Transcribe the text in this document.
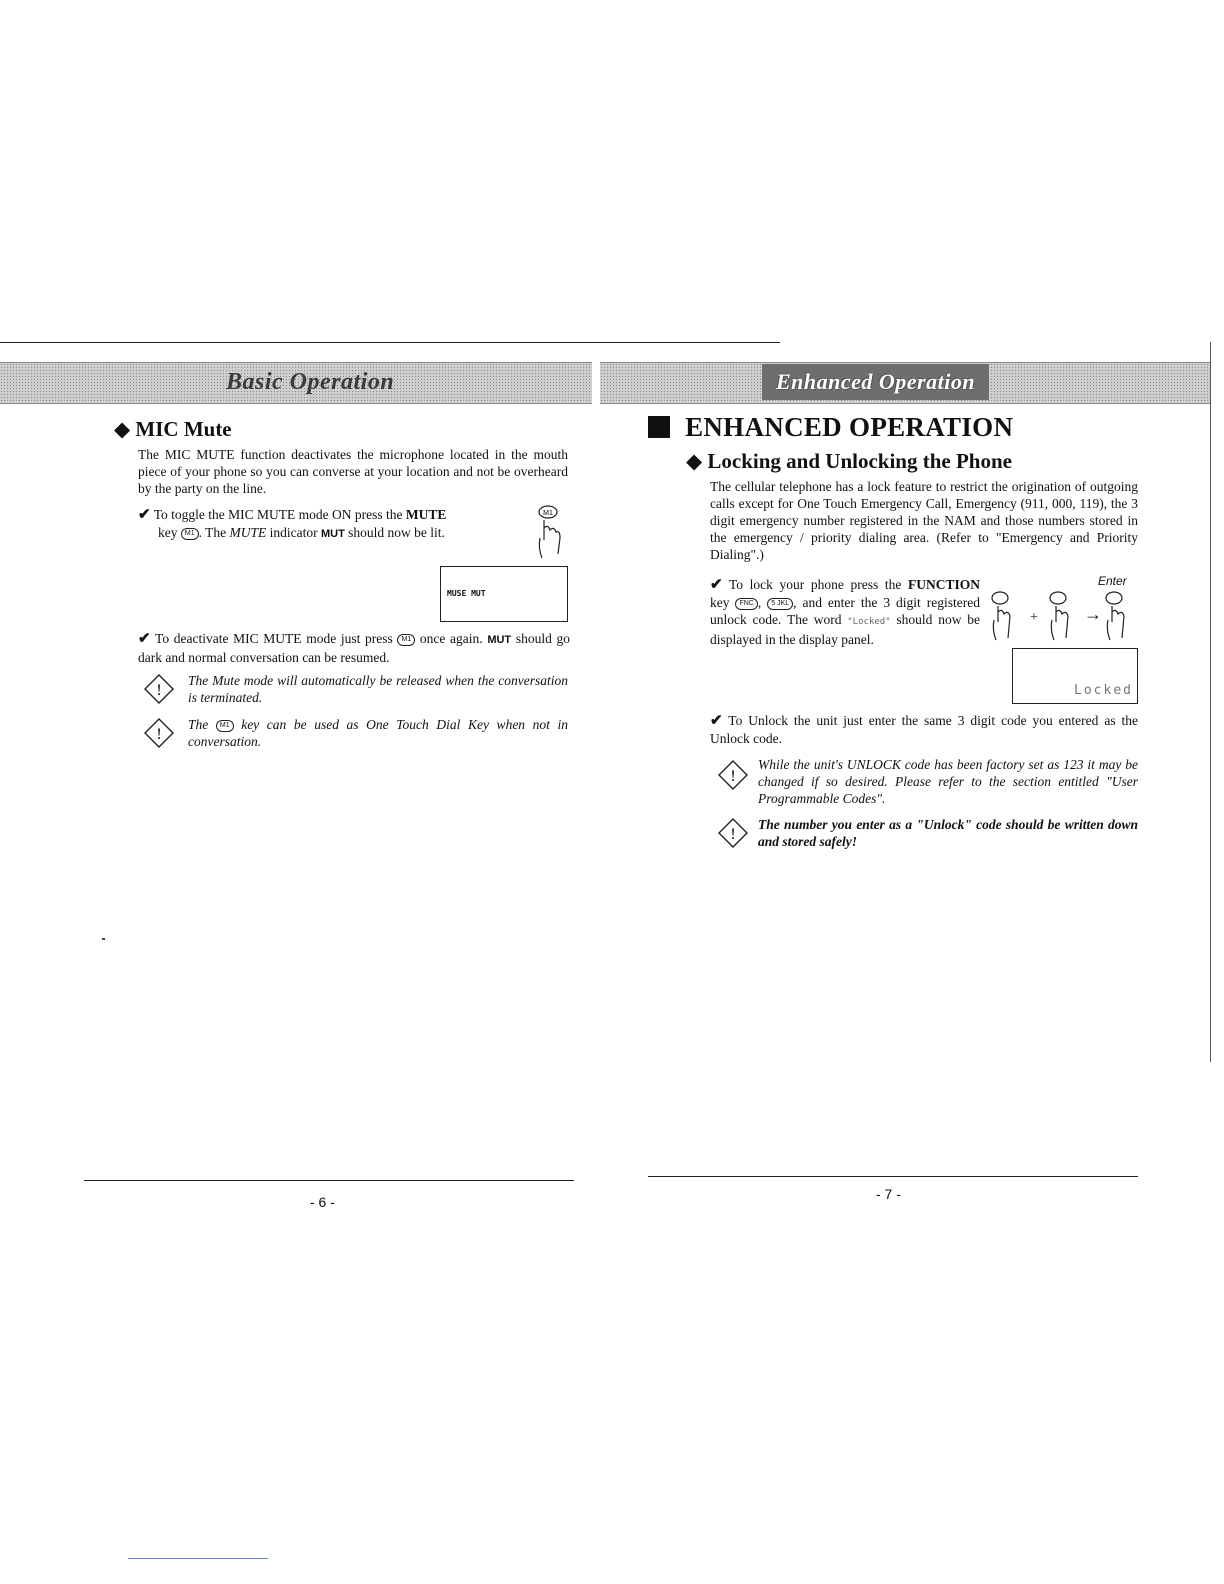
Basic Operation
◆ MIC Mute
The MIC MUTE function deactivates the microphone located in the mouth piece of your phone so you can converse at your location and not be overheard by the party on the line.
✔ To toggle the MIC MUTE mode ON press the MUTE
key M1 . The MUTE indicator MUT should now be lit.
M1
MUSE MUT
✔ To deactivate MIC MUTE mode just press M1 once again. MUT should go dark and normal conversation can be resumed.
!
The Mute mode will automatically be released when the conversation is terminated.
!
The M1 key can be used as One Touch Dial Key when not in conversation.
- 6 -
Enhanced Operation
ENHANCED OPERATION
◆ Locking and Unlocking the Phone
The cellular telephone has a lock feature to restrict the origination of outgoing calls except for One Touch Emergency Call, Emergency (911, 000, 119), the 3 digit emergency number registered in the NAM and those numbers stored in the emergency / priority dialing area. (Refer to "Emergency and Priority Dialing".)
✔ To lock your phone press the FUNCTION key FNC , 5 JKL , and enter the 3 digit registered unlock code. The word "Locked" should now be displayed in the display panel.
Enter
+	→
Locked
✔ To Unlock the unit just enter the same 3 digit code you entered as the Unlock code.
!
While the unit's UNLOCK code has been factory set as 123 it may be changed if so desired. Please refer to the section entitled "User Programmable Codes".
!
The number you enter as a "Unlock" code should be written down and stored safely!
- 7 -
